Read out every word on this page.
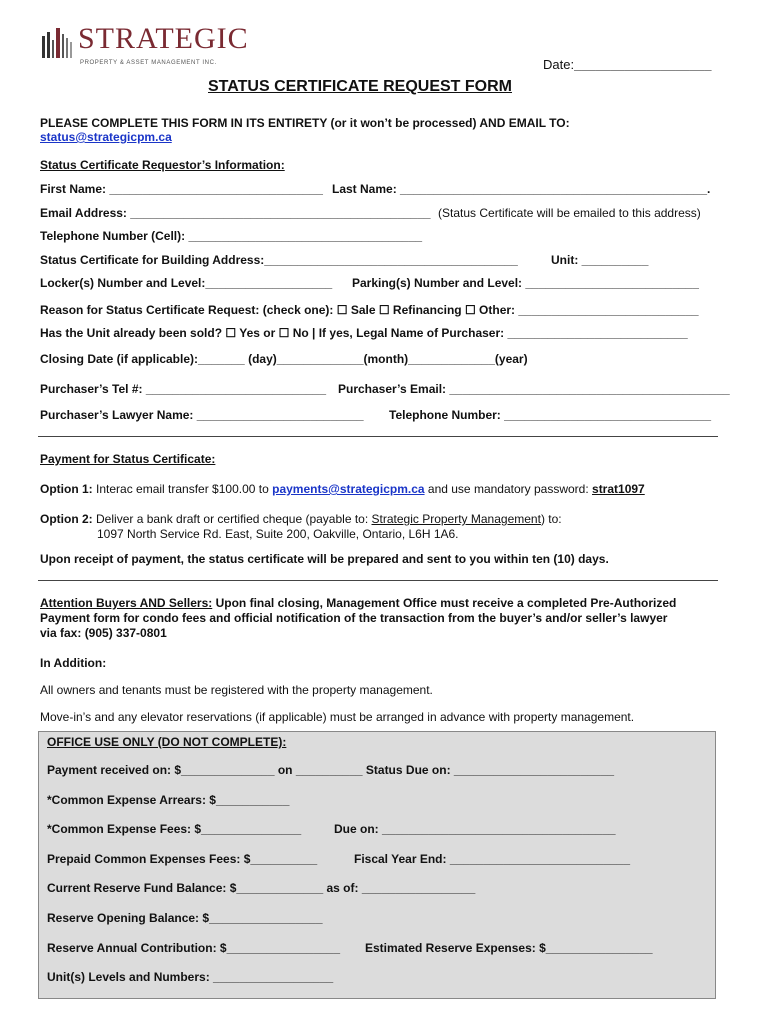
STRATEGIC
PROPERTY & ASSET MANAGEMENT INC.	Date:___________________
STATUS CERTIFICATE REQUEST FORM
PLEASE COMPLETE THIS FORM IN ITS ENTIRETY (or it won’t be processed) AND EMAIL TO:
status@strategicpm.ca
Status Certificate Requestor’s Information:
First Name: ________________________________ Last Name: ______________________________________________.
Email Address: _____________________________________________ (Status Certificate will be emailed to this address)
Telephone Number (Cell): ___________________________________
Status Certificate for Building Address:______________________________________	Unit: __________
Locker(s) Number and Level:___________________ Parking(s) Number and Level: __________________________
Reason for Status Certificate Request: (check one): ☐ Sale ☐ Refinancing ☐ Other: ___________________________
Has the Unit already been sold? ☐ Yes or ☐ No | If yes, Legal Name of Purchaser: ___________________________
Closing Date (if applicable):_______ (day)_____________(month)_____________(year)
Purchaser’s Tel #: ___________________________ Purchaser’s Email: __________________________________________
Purchaser’s Lawyer Name: _________________________ Telephone Number: _______________________________
Payment for Status Certificate:
Option 1: Interac email transfer $100.00 to payments@strategicpm.ca and use mandatory password: strat1097
Option 2: Deliver a bank draft or certified cheque (payable to: Strategic Property Management) to:
1097 North Service Rd. East, Suite 200, Oakville, Ontario, L6H 1A6.
Upon receipt of payment, the status certificate will be prepared and sent to you within ten (10) days.
Attention Buyers AND Sellers: Upon final closing, Management Office must receive a completed Pre-Authorized
Payment form for condo fees and official notification of the transaction from the buyer’s and/or seller’s lawyer
via fax: (905) 337-0801
In Addition:
All owners and tenants must be registered with the property management.
Move-in’s and any elevator reservations (if applicable) must be arranged in advance with property management.
OFFICE USE ONLY (DO NOT COMPLETE):
Payment received on: $______________ on __________ Status Due on: ________________________
*Common Expense Arrears: $___________
*Common Expense Fees: $_______________	Due on: ___________________________________
Prepaid Common Expenses Fees: $__________	Fiscal Year End: ___________________________
Current Reserve Fund Balance: $_____________ as of: _________________
Reserve Opening Balance: $_________________
Reserve Annual Contribution: $_________________ Estimated Reserve Expenses: $________________
Unit(s) Levels and Numbers: __________________
